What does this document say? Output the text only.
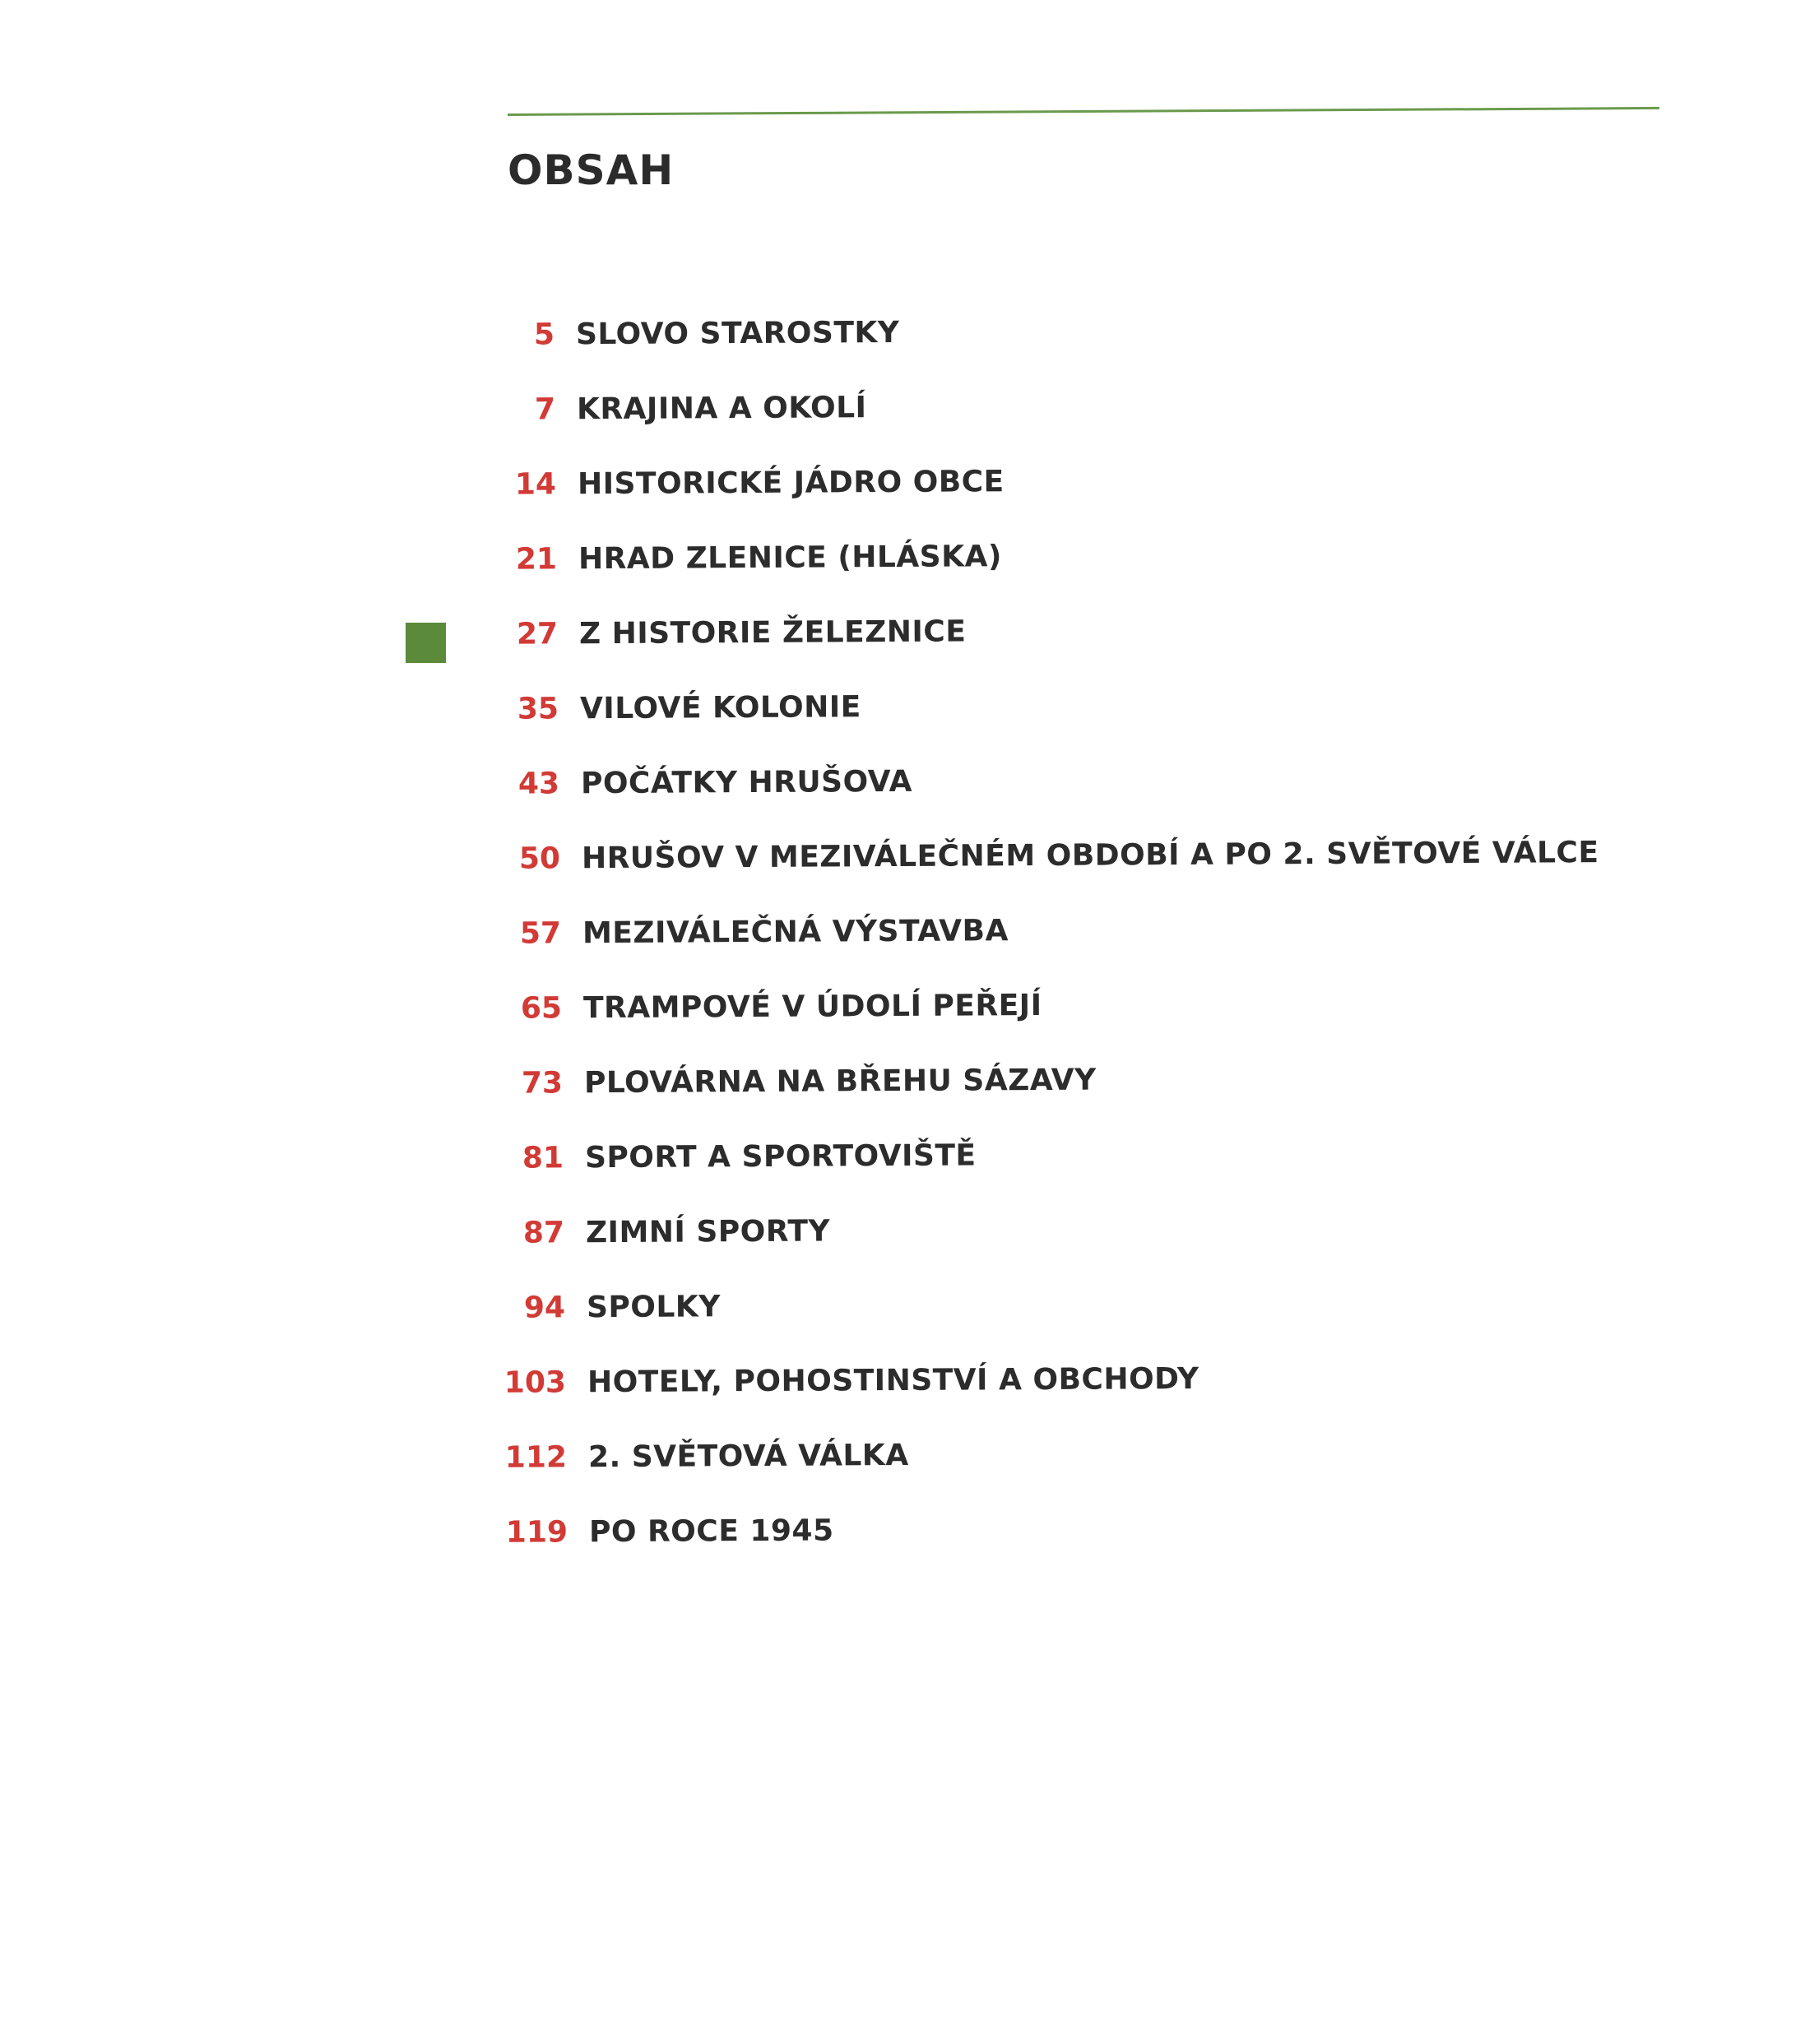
OBSAH
5 SLOVO STAROSTKY
7 KRAJINA A OKOLÍ
14 HISTORICKÉ JÁDRO OBCE
21 HRAD ZLENICE (HLÁSKA)
27 Z HISTORIE ŽELEZNICE
35 VILOVÉ KOLONIE
43 POČÁTKY HRUŠOVA
50 HRUŠOV V MEZIVÁLEČNÉM OBDOBÍ A PO 2. SVĚTOVÉ VÁLCE
57 MEZIVÁLEČNÁ VÝSTAVBA
65 TRAMPOVÉ V ÚDOLÍ PEŘEJÍ
73 PLOVÁRNA NA BŘEHU SÁZAVY
81 SPORT A SPORTOVIŠTĚ
87 ZIMNÍ SPORTY
94 SPOLKY
103 HOTELY, POHOSTINSTVÍ A OBCHODY
112 2. SVĚTOVÁ VÁLKA
119 PO ROCE 1945
